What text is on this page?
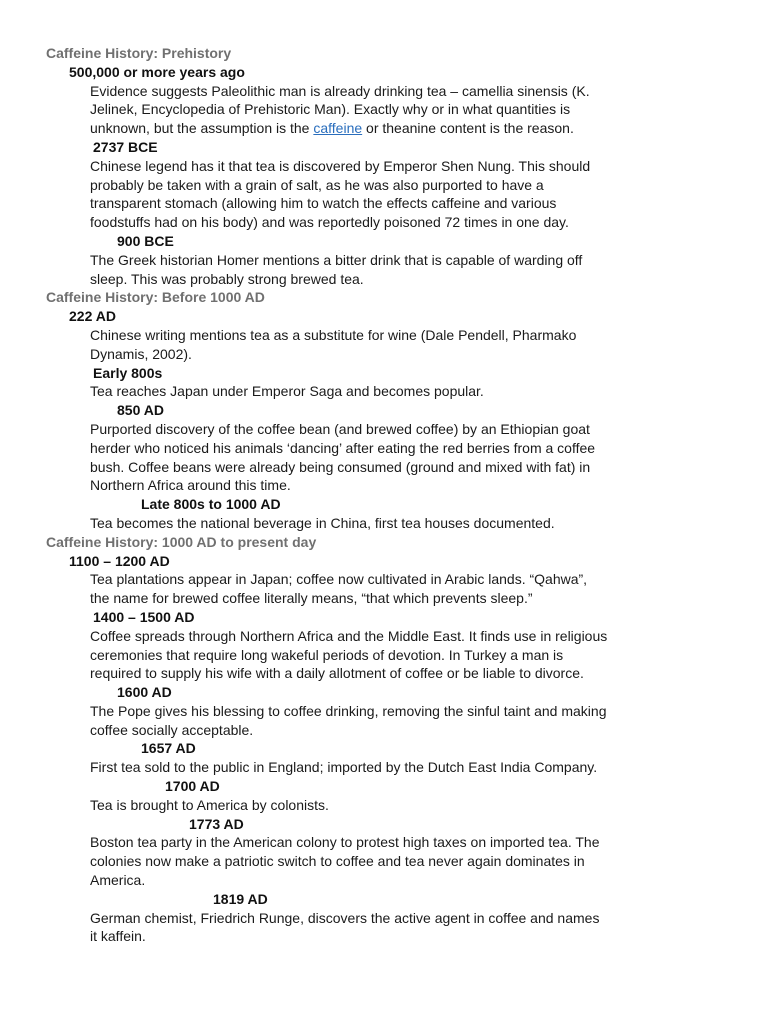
Caffeine History: Prehistory
500,000 or more years ago
Evidence suggests Paleolithic man is already drinking tea – camellia sinensis (K. Jelinek, Encyclopedia of Prehistoric Man). Exactly why or in what quantities is unknown, but the assumption is the caffeine or theanine content is the reason.
2737 BCE
Chinese legend has it that tea is discovered by Emperor Shen Nung. This should probably be taken with a grain of salt, as he was also purported to have a transparent stomach (allowing him to watch the effects caffeine and various foodstuffs had on his body) and was reportedly poisoned 72 times in one day.
900 BCE
The Greek historian Homer mentions a bitter drink that is capable of warding off sleep. This was probably strong brewed tea.
Caffeine History: Before 1000 AD
222 AD
Chinese writing mentions tea as a substitute for wine (Dale Pendell, Pharmako Dynamis, 2002).
Early 800s
Tea reaches Japan under Emperor Saga and becomes popular.
850 AD
Purported discovery of the coffee bean (and brewed coffee) by an Ethiopian goat herder who noticed his animals ‘dancing’ after eating the red berries from a coffee bush. Coffee beans were already being consumed (ground and mixed with fat) in Northern Africa around this time.
Late 800s to 1000 AD
Tea becomes the national beverage in China, first tea houses documented.
Caffeine History: 1000 AD to present day
1100 – 1200 AD
Tea plantations appear in Japan; coffee now cultivated in Arabic lands. “Qahwa”, the name for brewed coffee literally means, “that which prevents sleep.”
1400 – 1500 AD
Coffee spreads through Northern Africa and the Middle East. It finds use in religious ceremonies that require long wakeful periods of devotion. In Turkey a man is required to supply his wife with a daily allotment of coffee or be liable to divorce.
1600 AD
The Pope gives his blessing to coffee drinking, removing the sinful taint and making coffee socially acceptable.
1657 AD
First tea sold to the public in England; imported by the Dutch East India Company.
1700 AD
Tea is brought to America by colonists.
1773 AD
Boston tea party in the American colony to protest high taxes on imported tea. The colonies now make a patriotic switch to coffee and tea never again dominates in America.
1819 AD
German chemist, Friedrich Runge, discovers the active agent in coffee and names it kaffein.
